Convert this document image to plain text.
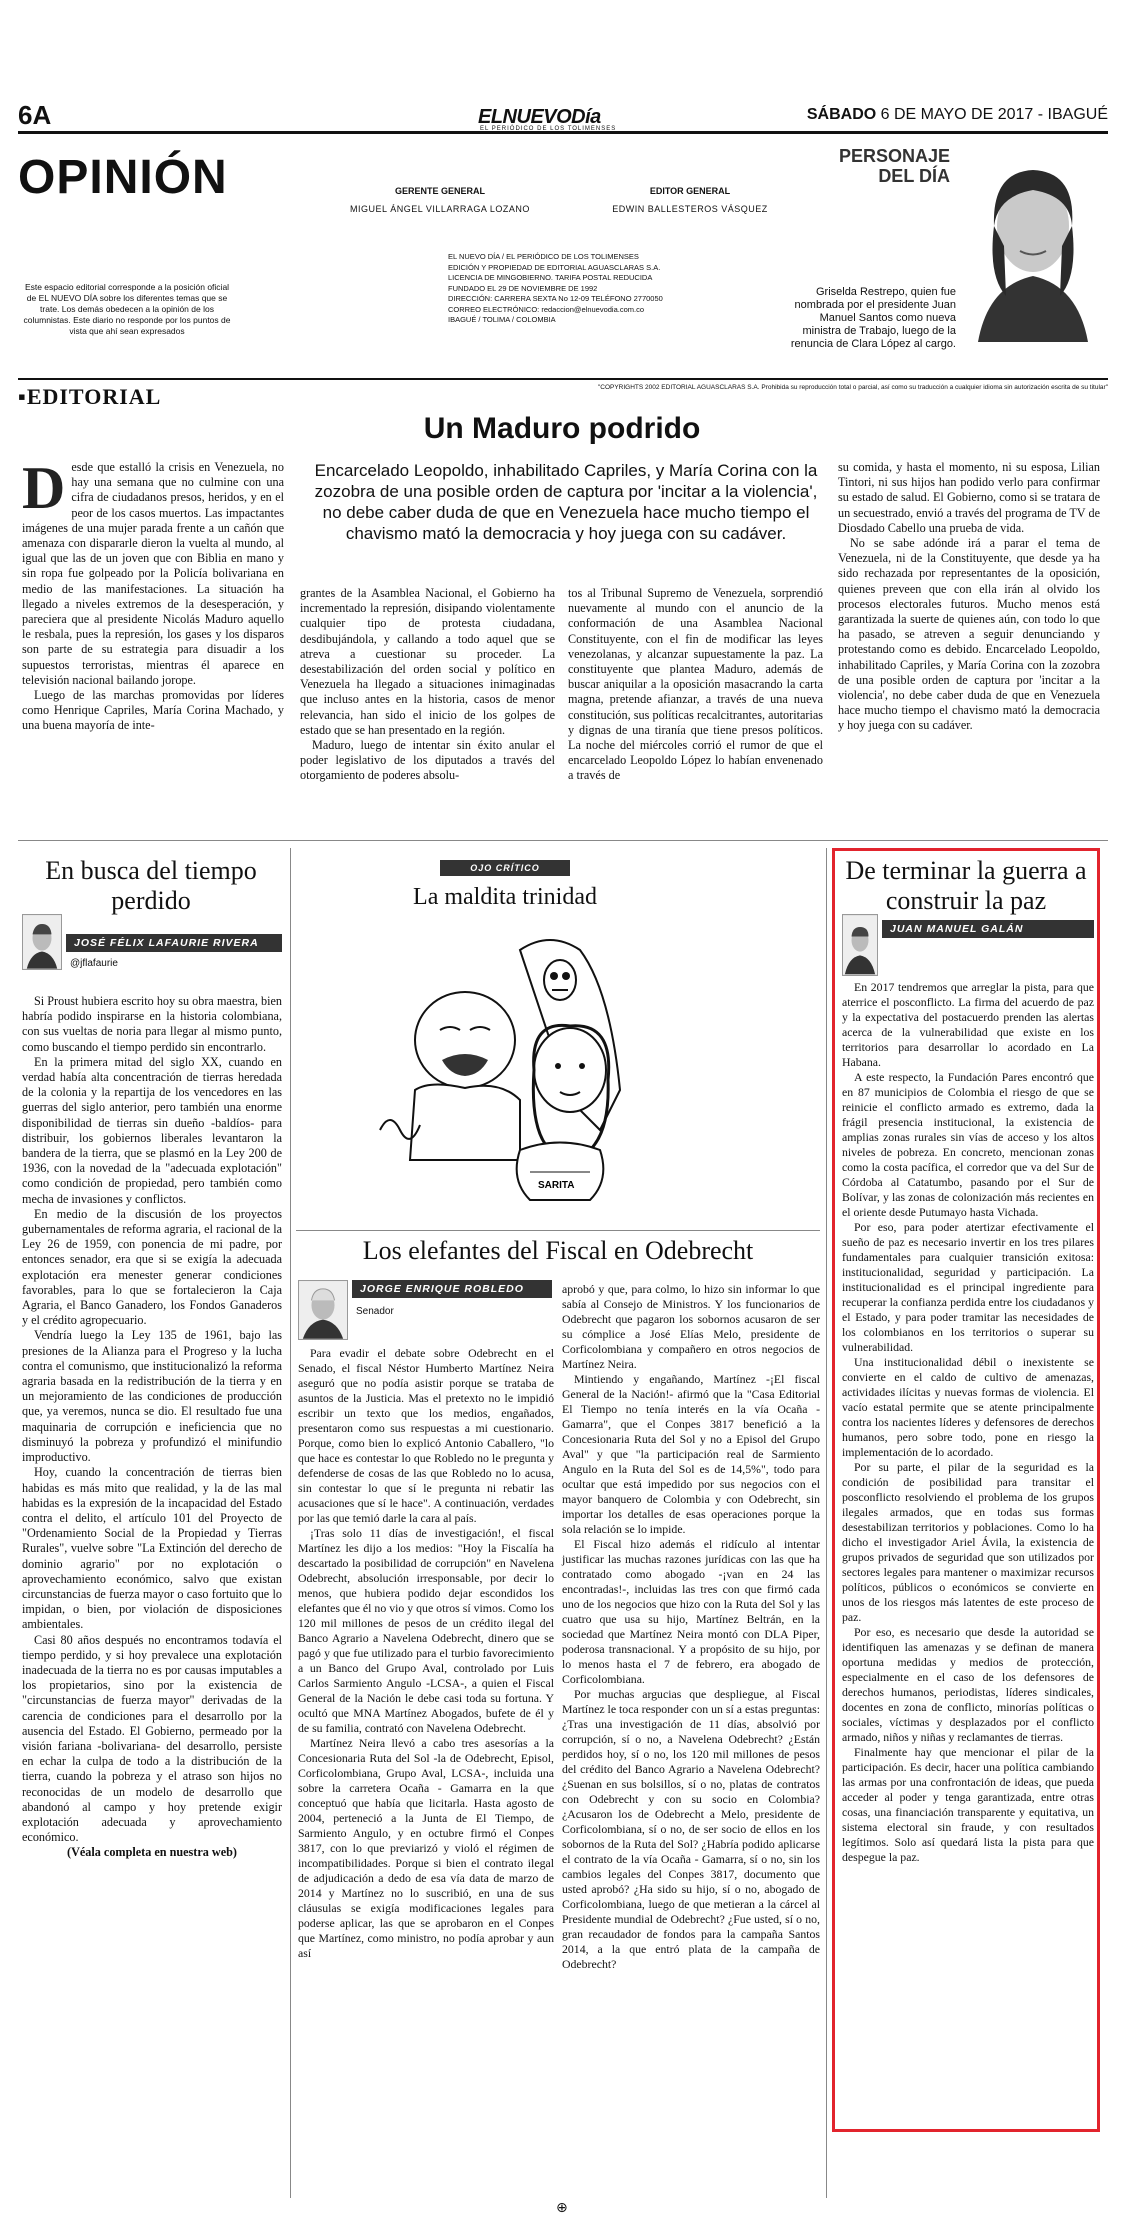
6A	ELNUEVODía
EL PERIÓDICO DE LOS TOLIMENSES
SÁBADO 6 DE MAYO DE 2017 - IBAGUÉ
OPINIÓN	GERENTE GENERAL
MIGUEL ÁNGEL VILLARRAGA LOZANO
EDITOR GENERAL
EDWIN BALLESTEROS VÁSQUEZ
Este espacio editorial corresponde a la posición oficial de EL NUEVO DÍA sobre los diferentes temas que se trate. Los demás obedecen a la opinión de los columnistas. Este diario no responde por los puntos de vista que ahí sean expresados
EL NUEVO DÍA / EL PERIÓDICO DE LOS TOLIMENSES
EDICIÓN Y PROPIEDAD DE EDITORIAL AGUASCLARAS S.A.
LICENCIA DE MINGOBIERNO. TARIFA POSTAL REDUCIDA
FUNDADO EL 29 DE NOVIEMBRE DE 1992
DIRECCIÓN: CARRERA SEXTA No 12-09 TELÉFONO 2770050
CORREO ELECTRÓNICO: redaccion@elnuevodia.com.co
IBAGUÉ / TOLIMA / COLOMBIA
PERSONAJE
DEL DÍA
Griselda Restrepo, quien fue nombrada por el presidente Juan Manuel Santos como nueva ministra de Trabajo, luego de la renuncia de Clara López al cargo.
▪EDITORIAL	"COPYRIGHTS 2002 EDITORIAL AGUASCLARAS S.A. Prohibida su reproducción total o parcial, así como su traducción a cualquier idioma sin autorización escrita de su titular"
Un Maduro podrido
Encarcelado Leopoldo, inhabilitado Capriles, y María Corina con la zozobra de una posible orden de captura por 'incitar a la violencia', no debe caber duda de que en Venezuela hace mucho tiempo el chavismo mató la democracia y hoy juega con su cadáver.
D esde que estalló la crisis en Venezuela, no hay una semana que no culmine con una cifra de ciudadanos presos, heridos, y en el peor de los casos muertos. Las impactantes imágenes de una mujer parada frente a un cañón que amenaza con dispararle dieron la vuelta al mundo, al igual que las de un joven que con Biblia en mano y sin ropa fue golpeado por la Policía bolivariana en medio de las manifestaciones. La situación ha llegado a niveles extremos de la desesperación, y pareciera que al presidente Nicolás Maduro aquello le resbala, pues la represión, los gases y los disparos son parte de su estrategia para disuadir a los supuestos terroristas, mientras él aparece en televisión nacional bailando jorope.

Luego de las marchas promovidas por líderes como Henrique Capriles, María Corina Machado, y una buena mayoría de inte-

grantes de la Asamblea Nacional, el Gobierno ha incrementado la represión, disipando violentamente cualquier tipo de protesta ciudadana, desdibujándola, y callando a todo aquel que se atreva a cuestionar su proceder. La desestabilización del orden social y político en Venezuela ha llegado a situaciones inimaginadas que incluso antes en la historia, casos de menor relevancia, han sido el inicio de los golpes de estado que se han presentado en la región.

Maduro, luego de intentar sin éxito anular el poder legislativo de los diputados a través del otorgamiento de poderes absolu-

tos al Tribunal Supremo de Venezuela, sorprendió nuevamente al mundo con el anuncio de la conformación de una Asamblea Nacional Constituyente, con el fin de modificar las leyes venezolanas, y alcanzar supuestamente la paz. La constituyente que plantea Maduro, además de buscar aniquilar a la oposición masacrando la carta magna, pretende afianzar, a través de una nueva constitución, sus políticas recalcitrantes, autoritarias y dignas de una tiranía que tiene presos políticos. La noche del miércoles corrió el rumor de que el encarcelado Leopoldo López lo habían envenenado a través de

su comida, y hasta el momento, ni su esposa, Lilian Tintori, ni sus hijos han podido verlo para confirmar su estado de salud. El Gobierno, como si se tratara de un secuestrado, envió a través del programa de TV de Diosdado Cabello una prueba de vida.

No se sabe adónde irá a parar el tema de Venezuela, ni de la Constituyente, que desde ya ha sido rechazada por representantes de la oposición, quienes preveen que con ella irán al olvido los procesos electorales futuros. Mucho menos está garantizada la suerte de quienes aún, con todo lo que ha pasado, se atreven a seguir denunciando y protestando como es debido. Encarcelado Leopoldo, inhabilitado Capriles, y María Corina con la zozobra de una posible orden de captura por 'incitar a la violencia', no debe caber duda de que en Venezuela hace mucho tiempo el chavismo mató la democracia y hoy juega con su cadáver.

En busca del tiempo perdido
JOSÉ FÉLIX LAFAURIE RIVERA
@jflafaurie

Si Proust hubiera escrito hoy su obra maestra, bien habría podido inspirarse en la historia colombiana, con sus vueltas de noria para llegar al mismo punto, como buscando el tiempo perdido sin encontrarlo.

En la primera mitad del siglo XX, cuando en verdad había alta concentración de tierras heredada de la colonia y la repartija de los vencedores en las guerras del siglo anterior, pero también una enorme disponibilidad de tierras sin dueño -baldíos- para distribuir, los gobiernos liberales levantaron la bandera de la tierra, que se plasmó en la Ley 200 de 1936, con la novedad de la "adecuada explotación" como condición de propiedad, pero también como mecha de invasiones y conflictos.

En medio de la discusión de los proyectos gubernamentales de reforma agraria, el racional de la Ley 26 de 1959, con ponencia de mi padre, por entonces senador, era que si se exigía la adecuada explotación era menester generar condiciones favorables, para lo que se fortalecieron la Caja Agraria, el Banco Ganadero, los Fondos Ganaderos y el crédito agropecuario.

Vendría luego la Ley 135 de 1961, bajo las presiones de la Alianza para el Progreso y la lucha contra el comunismo, que institucionalizó la reforma agraria basada en la redistribución de la tierra y en un mejoramiento de las condiciones de producción que, ya veremos, nunca se dio. El resultado fue una maquinaria de corrupción e ineficiencia que no disminuyó la pobreza y profundizó el minifundio improductivo.

Hoy, cuando la concentración de tierras bien habidas es más mito que realidad, y la de las mal habidas es la expresión de la incapacidad del Estado contra el delito, el artículo 101 del Proyecto de "Ordenamiento Social de la Propiedad y Tierras Rurales", vuelve sobre "La Extinción del derecho de dominio agrario" por no explotación o aprovechamiento económico, salvo que existan circunstancias de fuerza mayor o caso fortuito que lo impidan, o bien, por violación de disposiciones ambientales.

Casi 80 años después no encontramos todavía el tiempo perdido, y si hoy prevalece una explotación inadecuada de la tierra no es por causas imputables a los propietarios, sino por la existencia de "circunstancias de fuerza mayor" derivadas de la carencia de condiciones para el desarrollo por la ausencia del Estado. El Gobierno, permeado por la visión fariana -bolivariana- del desarrollo, persiste en echar la culpa de todo a la distribución de la tierra, cuando la pobreza y el atraso son hijos no reconocidas de un modelo de desarrollo que abandonó al campo y hoy pretende exigir explotación adecuada y aprovechamiento económico.

(Véala completa en nuestra web)

OJO CRÍTICO
La maldita trinidad
SARITA
Los elefantes del Fiscal en Odebrecht
JORGE ENRIQUE ROBLEDO
Senador

Para evadir el debate sobre Odebrecht en el Senado, el fiscal Néstor Humberto Martínez Neira aseguró que no podía asistir porque se trataba de asuntos de la Justicia. Mas el pretexto no le impidió escribir un texto que los medios, engañados, presentaron como sus respuestas a mi cuestionario. Porque, como bien lo explicó Antonio Caballero, "lo que hace es contestar lo que Robledo no le pregunta y defenderse de cosas de las que Robledo no lo acusa, sin contestar lo que sí le pregunta ni rebatir las acusaciones que sí le hace". A continuación, verdades por las que temió darle la cara al país.

¡Tras solo 11 días de investigación!, el fiscal Martínez les dijo a los medios: "Hoy la Fiscalía ha descartado la posibilidad de corrupción" en Navelena Odebrecht, absolución irresponsable, por decir lo menos, que hubiera podido dejar escondidos los elefantes que él no vio y que otros sí vimos. Como los 120 mil millones de pesos de un crédito ilegal del Banco Agrario a Navelena Odebrecht, dinero que se pagó y que fue utilizado para el turbio favorecimiento a un Banco del Grupo Aval, controlado por Luis Carlos Sarmiento Angulo -LCSA-, a quien el Fiscal General de la Nación le debe casi toda su fortuna. Y ocultó que MNA Martínez Abogados, bufete de él y de su familia, contrató con Navelena Odebrecht.

Martínez Neira llevó a cabo tres asesorías a la Concesionaria Ruta del Sol -la de Odebrecht, Episol, Corficolombiana, Grupo Aval, LCSA-, incluida una sobre la carretera Ocaña - Gamarra en la que conceptuó que había que licitarla. Hasta agosto de 2004, perteneció a la Junta de El Tiempo, de Sarmiento Angulo, y en octubre firmó el Conpes 3817, con lo que previarizó y violó el régimen de incompatibilidades. Porque si bien el contrato ilegal de adjudicación a dedo de esa vía data de marzo de 2014 y Martínez no lo suscribió, en una de sus cláusulas se exigía modificaciones legales para poderse aplicar, las que se aprobaron en el Conpes que Martínez, como ministro, no podía aprobar y aun así

aprobó y que, para colmo, lo hizo sin informar lo que sabía al Consejo de Ministros. Y los funcionarios de Odebrecht que pagaron los sobornos acusaron de ser su cómplice a José Elías Melo, presidente de Corficolombiana y compañero en otros negocios de Martínez Neira.

Mintiendo y engañando, Martínez -¡El fiscal General de la Nación!- afirmó que la "Casa Editorial El Tiempo no tenía interés en la vía Ocaña - Gamarra", que el Conpes 3817 benefició a la Concesionaria Ruta del Sol y no a Episol del Grupo Aval" y que "la participación real de Sarmiento Angulo en la Ruta del Sol es de 14,5%", todo para ocultar que está impedido por sus negocios con el mayor banquero de Colombia y con Odebrecht, sin importar los detalles de esas operaciones porque la sola relación se lo impide.

El Fiscal hizo además el ridículo al intentar justificar las muchas razones jurídicas con las que ha contratado como abogado -¡van en 24 las encontradas!-, incluidas las tres con que firmó cada uno de los negocios que hizo con la Ruta del Sol y las cuatro que usa su hijo, Martínez Beltrán, en la sociedad que Martínez Neira montó con DLA Piper, poderosa transnacional. Y a propósito de su hijo, por lo menos hasta el 7 de febrero, era abogado de Corficolombiana.

Por muchas argucias que despliegue, al Fiscal Martínez le toca responder con un sí a estas preguntas: ¿Tras una investigación de 11 días, absolvió por corrupción, sí o no, a Navelena Odebrecht? ¿Están perdidos hoy, sí o no, los 120 mil millones de pesos del crédito del Banco Agrario a Navelena Odebrecht? ¿Suenan en sus bolsillos, sí o no, platas de contratos con Odebrecht y con su socio en Colombia? ¿Acusaron los de Odebrecht a Melo, presidente de Corficolombiana, sí o no, de ser socio de ellos en los sobornos de la Ruta del Sol? ¿Habría podido aplicarse el contrato de la vía Ocaña - Gamarra, sí o no, sin los cambios legales del Conpes 3817, documento que usted aprobó? ¿Ha sido su hijo, sí o no, abogado de Corficolombiana, luego de que metieran a la cárcel al Presidente mundial de Odebrecht? ¿Fue usted, sí o no, gran recaudador de fondos para la campaña Santos 2014, a la que entró plata de la campaña de Odebrecht?

De terminar la guerra a construir la paz
JUAN MANUEL GALÁN

En 2017 tendremos que arreglar la pista, para que aterrice el posconflicto. La firma del acuerdo de paz y la expectativa del postacuerdo prenden las alertas acerca de la vulnerabilidad que existe en los territorios para desarrollar lo acordado en La Habana.

A este respecto, la Fundación Pares encontró que en 87 municipios de Colombia el riesgo de que se reinicie el conflicto armado es extremo, dada la frágil presencia institucional, la existencia de amplias zonas rurales sin vías de acceso y los altos niveles de pobreza. En concreto, mencionan zonas como la costa pacífica, el corredor que va del Sur de Córdoba al Catatumbo, pasando por el Sur de Bolívar, y las zonas de colonización más recientes en el oriente desde Putumayo hasta Vichada.

Por eso, para poder atertizar efectivamente el sueño de paz es necesario invertir en los tres pilares fundamentales para cualquier transición exitosa: institucionalidad, seguridad y participación. La institucionalidad es el principal ingrediente para recuperar la confianza perdida entre los ciudadanos y el Estado, y para poder tramitar las necesidades de los colombianos en los territorios o superar su vulnerabilidad.

Una institucionalidad débil o inexistente se convierte en el caldo de cultivo de amenazas, actividades ilícitas y nuevas formas de violencia. El vacío estatal permite que se atente principalmente contra los nacientes líderes y defensores de derechos humanos, pero sobre todo, pone en riesgo la implementación de lo acordado.

Por su parte, el pilar de la seguridad es la condición de posibilidad para transitar el posconflicto resolviendo el problema de los grupos ilegales armados, que en todas sus formas desestabilizan territorios y poblaciones. Como lo ha dicho el investigador Ariel Ávila, la existencia de grupos privados de seguridad que son utilizados por sectores legales para mantener o maximizar recursos políticos, públicos o económicos se convierte en unos de los riesgos más latentes de este proceso de paz.

Por eso, es necesario que desde la autoridad se identifiquen las amenazas y se definan de manera oportuna medidas y medios de protección, especialmente en el caso de los defensores de derechos humanos, periodistas, líderes sindicales, docentes en zona de conflicto, minorías políticas o sociales, víctimas y desplazados por el conflicto armado, niños y niñas y reclamantes de tierras.

Finalmente hay que mencionar el pilar de la participación. Es decir, hacer una política cambiando las armas por una confrontación de ideas, que pueda acceder al poder y tenga garantizada, entre otras cosas, una financiación transparente y equitativa, un sistema electoral sin fraude, y con resultados legítimos. Solo así quedará lista la pista para que despegue la paz.

⊕
